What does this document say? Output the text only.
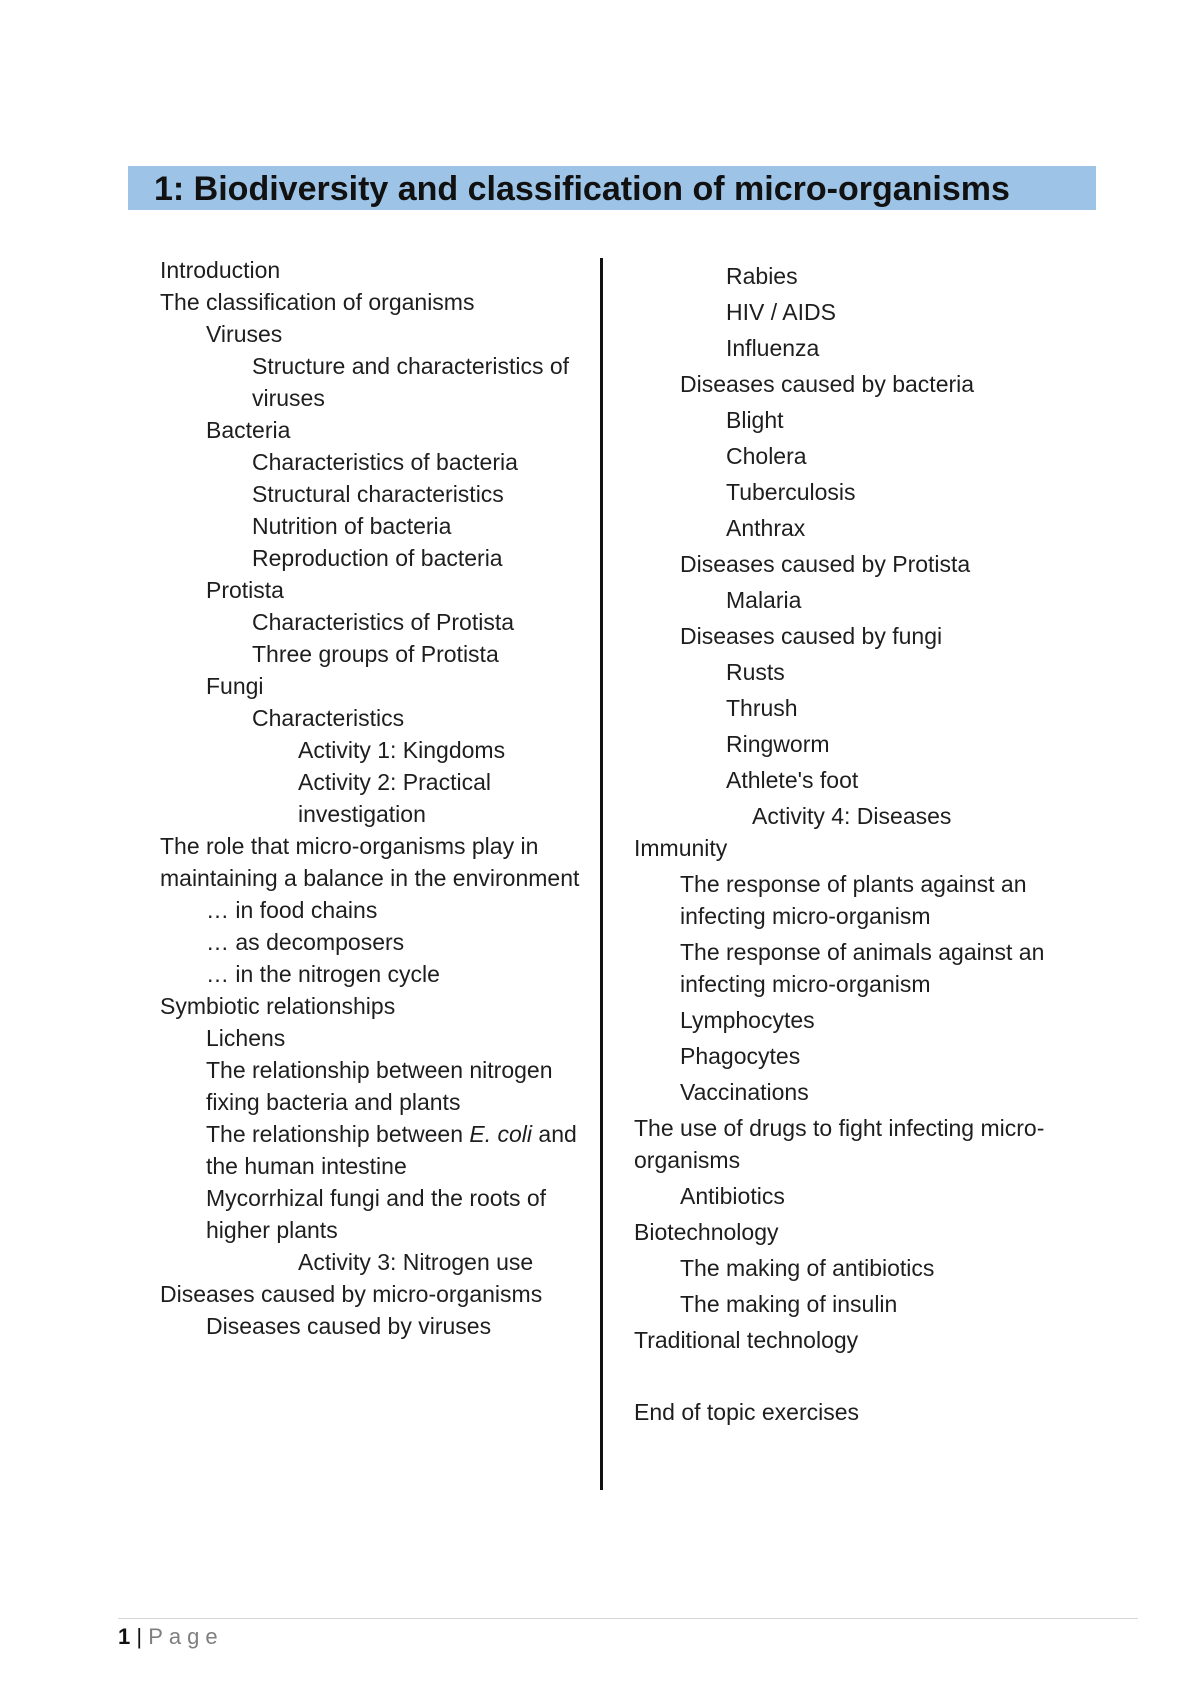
1: Biodiversity and classification of micro-organisms
Introduction
The classification of organisms
Viruses
Structure and characteristics of viruses
Bacteria
Characteristics of bacteria
Structural characteristics
Nutrition of bacteria
Reproduction of bacteria
Protista
Characteristics of Protista
Three groups of Protista
Fungi
Characteristics
Activity 1: Kingdoms
Activity 2: Practical investigation
The role that micro-organisms play in maintaining a balance in the environment
… in food chains
… as decomposers
… in the nitrogen cycle
Symbiotic relationships
Lichens
The relationship between nitrogen fixing bacteria and plants
The relationship between E. coli and the human intestine
Mycorrhizal fungi and the roots of higher plants
Activity 3: Nitrogen use
Diseases caused by micro-organisms
Diseases caused by viruses
Rabies
HIV / AIDS
Influenza
Diseases caused by bacteria
Blight
Cholera
Tuberculosis
Anthrax
Diseases caused by Protista
Malaria
Diseases caused by fungi
Rusts
Thrush
Ringworm
Athlete's foot
Activity 4: Diseases
Immunity
The response of plants against an infecting micro-organism
The response of animals against an infecting micro-organism
Lymphocytes
Phagocytes
Vaccinations
The use of drugs to fight infecting micro-organisms
Antibiotics
Biotechnology
The making of antibiotics
The making of insulin
Traditional technology
End of topic exercises
1 | Page
